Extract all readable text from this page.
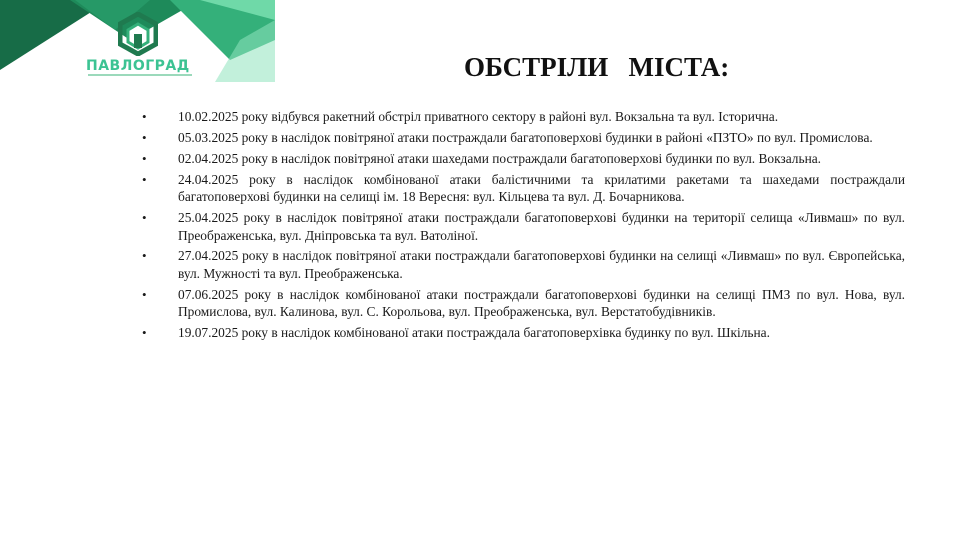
ПАВЛОГРАД	ОБСТРІЛИ   МІСТА:
• 10.02.2025 року відбувся ракетний обстріл приватного сектору в районі вул. Вокзальна та вул. Історична.
• 05.03.2025 року в наслідок повітряної атаки постраждали багатоповерхові будинки в районі «ПЗТО» по вул. Промислова.
• 02.04.2025 року в наслідок повітряної атаки шахедами постраждали багатоповерхові будинки по вул. Вокзальна.
• 24.04.2025 року в наслідок комбінованої атаки балістичними та крилатими ракетами та шахедами постраждали багатоповерхові будинки на селищі ім. 18 Вересня: вул. Кільцева та вул. Д. Бочарникова.
• 25.04.2025 року в наслідок повітряної атаки постраждали багатоповерхові будинки на території селища «Ливмаш» по вул. Преображенська, вул. Дніпровська та вул. Ватоліної.
• 27.04.2025 року в наслідок повітряної атаки постраждали багатоповерхові будинки на селищі «Ливмаш» по вул. Європейська, вул. Мужності та вул. Преображенська.
• 07.06.2025 року в наслідок комбінованої атаки постраждали багатоповерхові будинки на селищі ПМЗ по вул. Нова, вул. Промислова, вул. Калинова, вул. С. Корольова, вул. Преображенська, вул. Верстатобудівників.
• 19.07.2025 року в наслідок комбінованої атаки постраждала багатоповерхівка будинку по вул. Шкільна.
